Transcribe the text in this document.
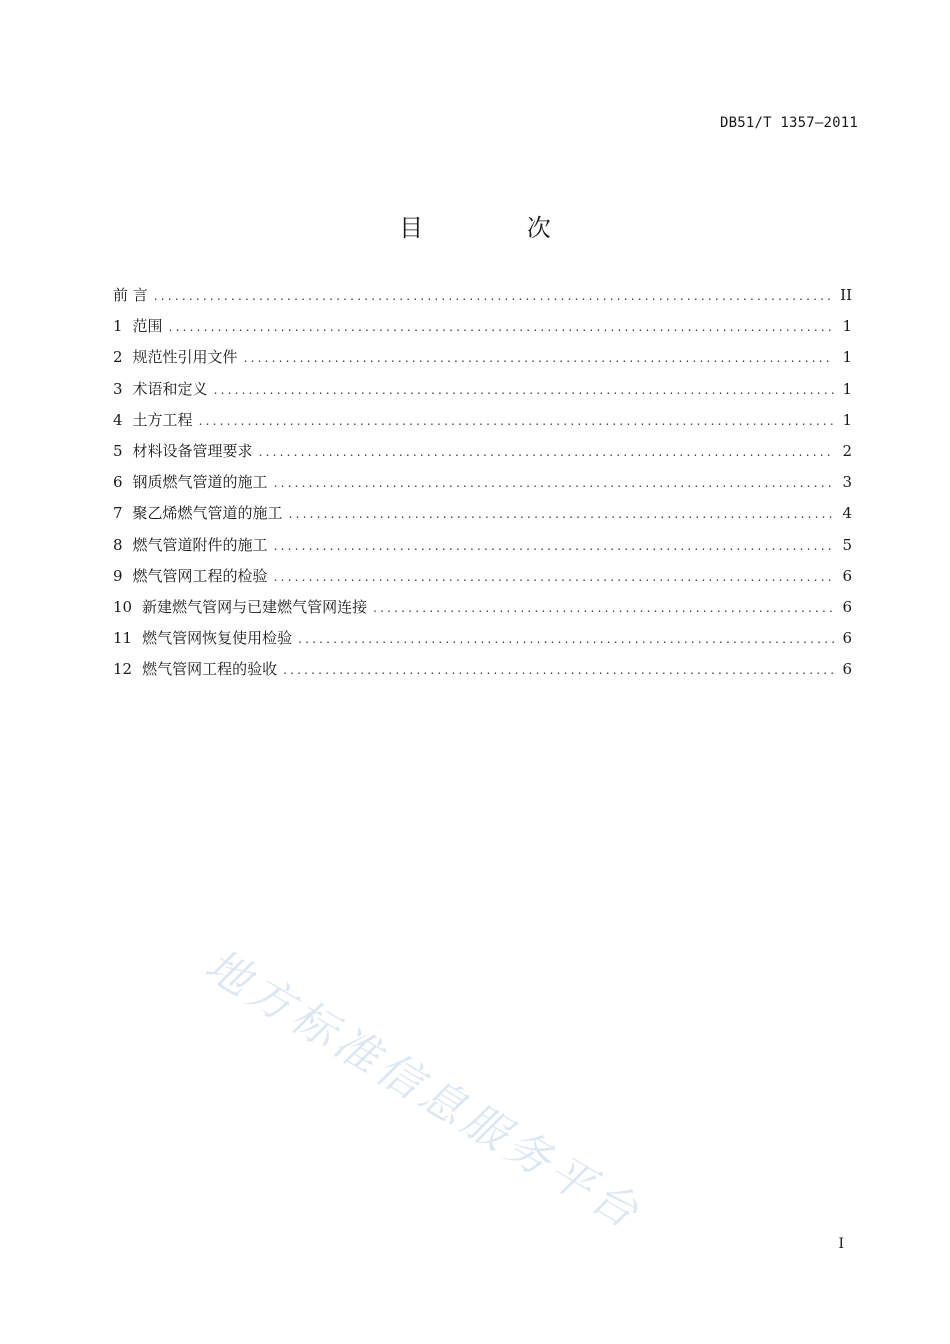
DB51/T 1357—2011
目 次
前 言 .....	II
1 范围 .....	1
2 规范性引用文件 .....	1
3 术语和定义 .....	1
4 土方工程 .....	1
5 材料设备管理要求 .....	2
6 钢质燃气管道的施工 .....	3
7 聚乙烯燃气管道的施工 .....	4
8 燃气管道附件的施工 .....	5
9 燃气管网工程的检验 .....	6
10 新建燃气管网与已建燃气管网连接 .....	6
11 燃气管网恢复使用检验 .....	6
12 燃气管网工程的验收 .....	6
I
地方标准信息服务平台
